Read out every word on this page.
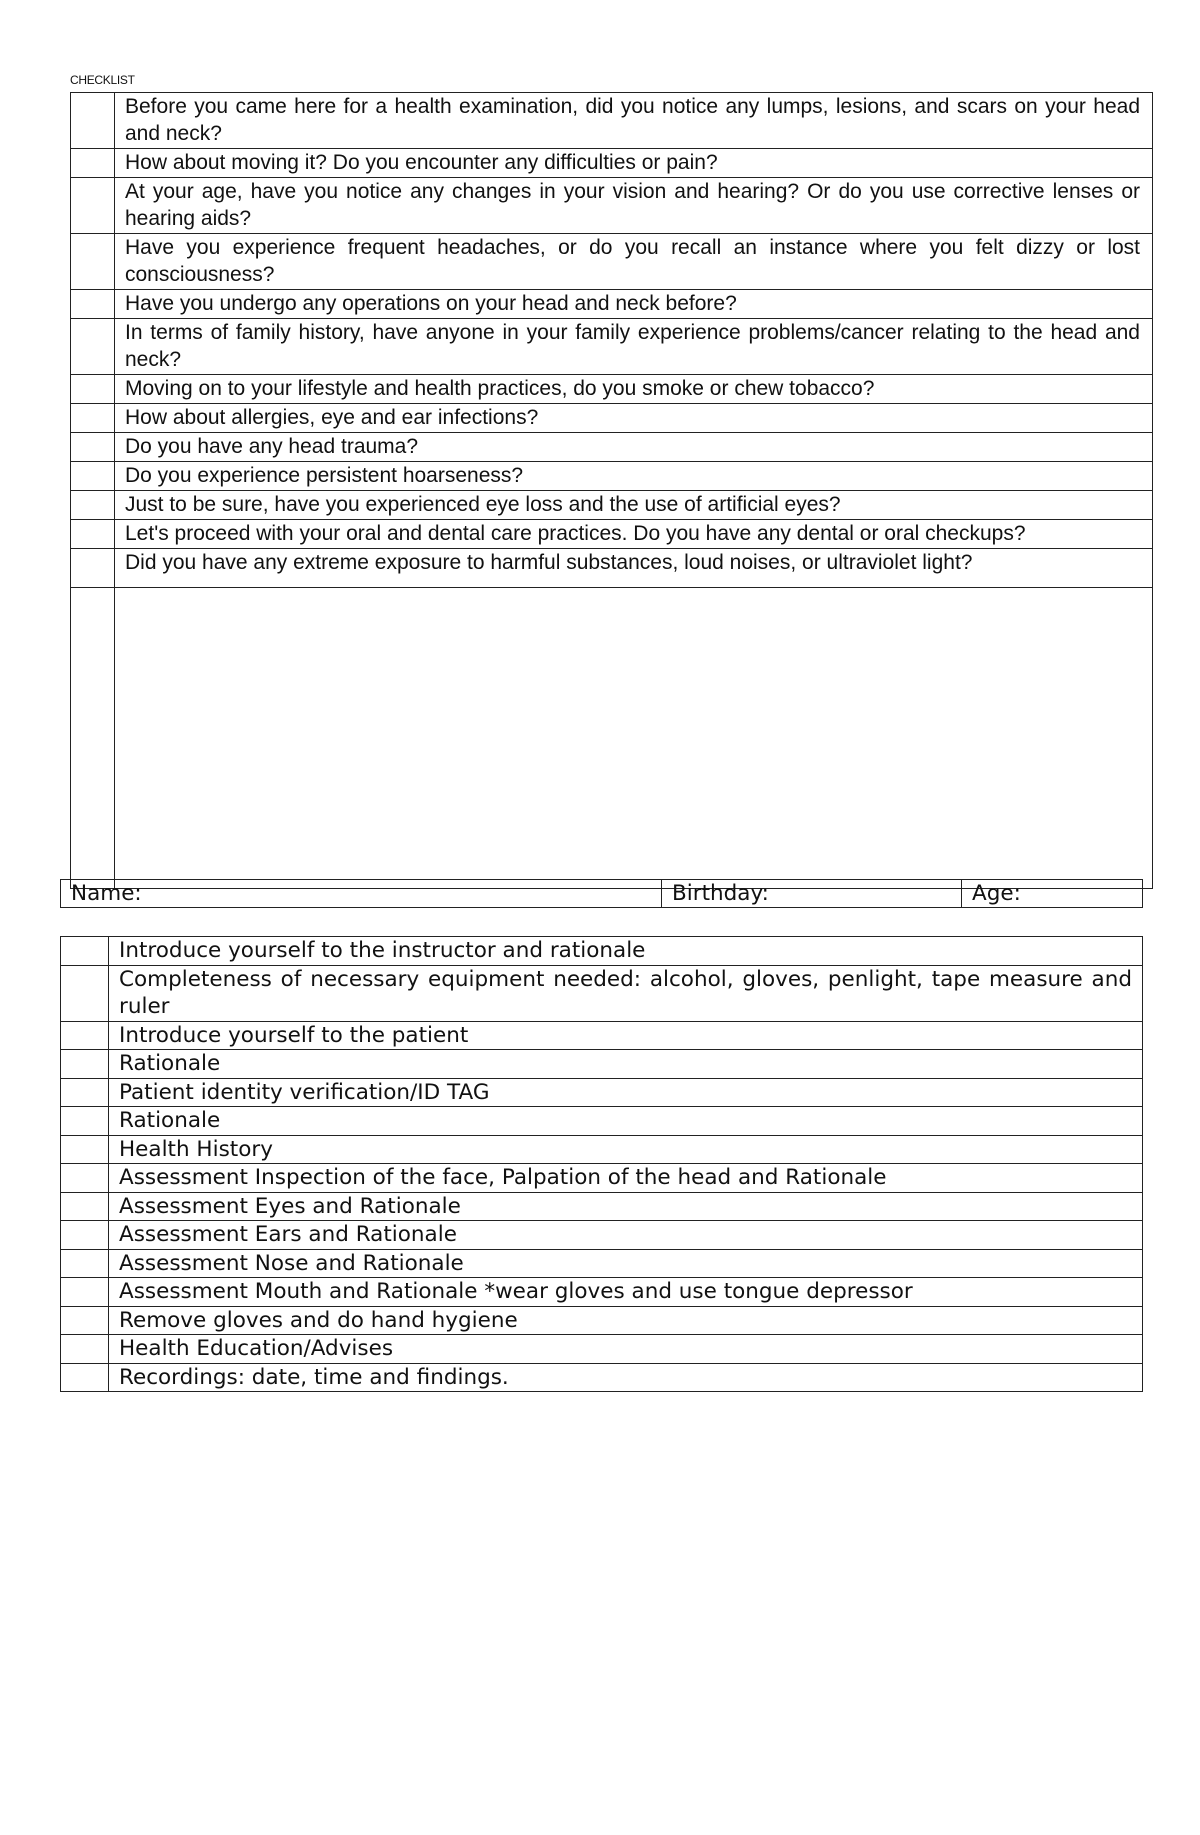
CHECKLIST
	Before you came here for a health examination, did you notice any lumps, lesions, and scars on your head and neck?
	How about moving it? Do you encounter any difficulties or pain?
	At your age, have you notice any changes in your vision and hearing? Or do you use corrective lenses or hearing aids?
	Have you experience frequent headaches, or do you recall an instance where you felt dizzy or lost consciousness?
	Have you undergo any operations on your head and neck before?
	In terms of family history, have anyone in your family experience problems/cancer relating to the head and neck?
	Moving on to your lifestyle and health practices, do you smoke or chew tobacco?
	How about allergies, eye and ear infections?
	Do you have any head trauma?
	Do you experience persistent hoarseness?
	Just to be sure, have you experienced eye loss and the use of artificial eyes?
	Let's proceed with your oral and dental care practices. Do you have any dental or oral checkups?
	Did you have any extreme exposure to harmful substances, loud noises, or ultraviolet light?

Name:	Birthday:	Age:
	Introduce yourself to the instructor and rationale
	Completeness of necessary equipment needed: alcohol, gloves, penlight, tape measure and ruler
	Introduce yourself to the patient
	Rationale
	Patient identity verification/ID TAG
	Rationale
	Health History
	Assessment Inspection of the face, Palpation of the head and Rationale
	Assessment Eyes and Rationale
	Assessment Ears and Rationale
	Assessment Nose and Rationale
	Assessment Mouth and Rationale *wear gloves and use tongue depressor
	Remove gloves and do hand hygiene
	Health Education/Advises
	Recordings: date, time and findings.
